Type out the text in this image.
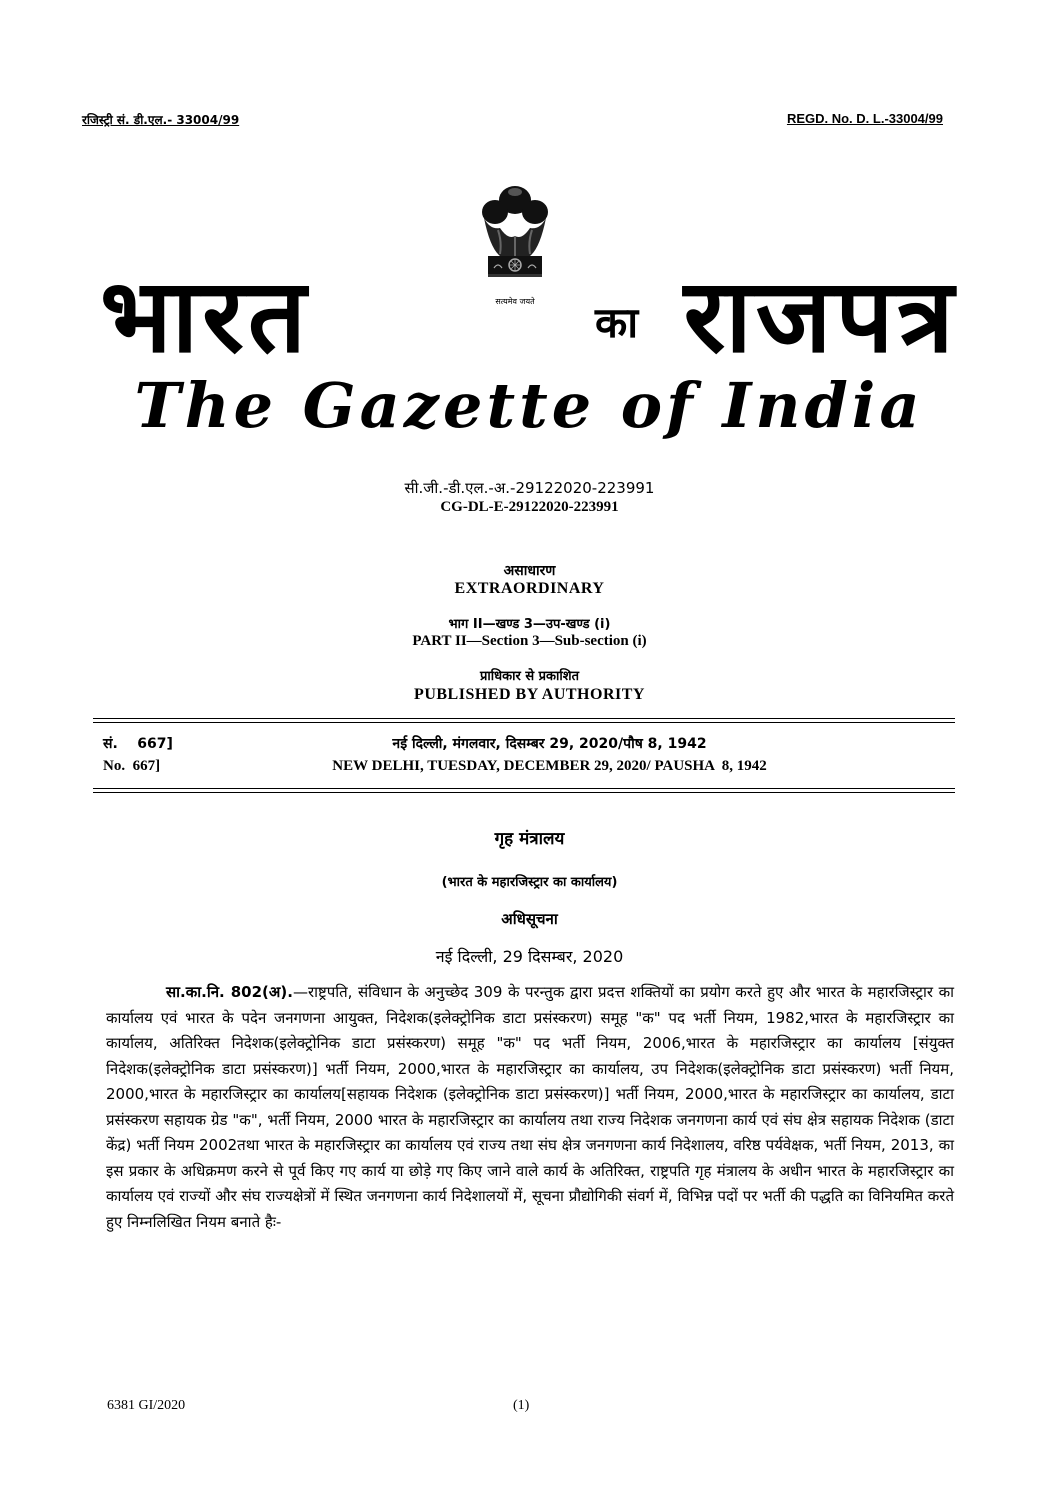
रजिस्ट्री सं. डी.एल.- 33004/99	REGD. No. D. L.-33004/99
सत्यमेव जयते
भारत	का राजपत्र
The Gazette of India
सी.जी.-डी.एल.-अ.-29122020-223991
CG-DL-E-29122020-223991
असाधारण
EXTRAORDINARY
भाग II—खण्ड 3—उप-खण्ड (i)
PART II—Section 3—Sub-section (i)
प्राधिकार से प्रकाशित
PUBLISHED BY AUTHORITY
सं.    667]	नई दिल्ली, मंगलवार, दिसम्बर 29, 2020/पौष 8, 1942
No.  667]	NEW DELHI, TUESDAY, DECEMBER 29, 2020/ PAUSHA  8, 1942
गृह मंत्रालय
(भारत के महारजिस्ट्रार का कार्यालय)
अधिसूचना
नई दिल्ली, 29 दिसम्बर, 2020
सा.का.नि. 802(अ).—राष्ट्रपति, संविधान के अनुच्छेद 309 के परन्तुक द्वारा प्रदत्त शक्तियों का प्रयोग करते हुए और भारत के महारजिस्ट्रार का कार्यालय एवं भारत के पदेन जनगणना आयुक्त, निदेशक(इलेक्ट्रोनिक डाटा प्रसंस्करण) समूह "क" पद भर्ती नियम, 1982,भारत के महारजिस्ट्रार का कार्यालय, अतिरिक्त निदेशक(इलेक्ट्रोनिक डाटा प्रसंस्करण) समूह "क" पद भर्ती नियम, 2006,भारत के महारजिस्ट्रार का कार्यालय [संयुक्त निदेशक(इलेक्ट्रोनिक डाटा प्रसंस्करण)] भर्ती नियम, 2000,भारत के महारजिस्ट्रार का कार्यालय, उप निदेशक(इलेक्ट्रोनिक डाटा प्रसंस्करण) भर्ती नियम, 2000,भारत के महारजिस्ट्रार का कार्यालय[सहायक निदेशक (इलेक्ट्रोनिक डाटा प्रसंस्करण)] भर्ती नियम, 2000,भारत के महारजिस्ट्रार का कार्यालय, डाटा प्रसंस्करण सहायक ग्रेड "क", भर्ती नियम, 2000 भारत के महारजिस्ट्रार का कार्यालय तथा राज्य निदेशक जनगणना कार्य एवं संघ क्षेत्र सहायक निदेशक (डाटा केंद्र) भर्ती नियम 2002तथा भारत के महारजिस्ट्रार का कार्यालय एवं राज्य तथा संघ क्षेत्र जनगणना कार्य निदेशालय, वरिष्ठ पर्यवेक्षक, भर्ती नियम, 2013, का इस प्रकार के अधिक्रमण करने से पूर्व किए गए कार्य या छोड़े गए किए जाने वाले कार्य के अतिरिक्त, राष्ट्रपति गृह मंत्रालय के अधीन भारत के महारजिस्ट्रार का कार्यालय एवं राज्यों और संघ राज्यक्षेत्रों में स्थित जनगणना कार्य निदेशालयों में, सूचना प्रौद्योगिकी संवर्ग में, विभिन्न पदों पर भर्ती की पद्धति का विनियमित करते हुए निम्नलिखित नियम बनाते हैः-
6381 GI/2020	(1)
